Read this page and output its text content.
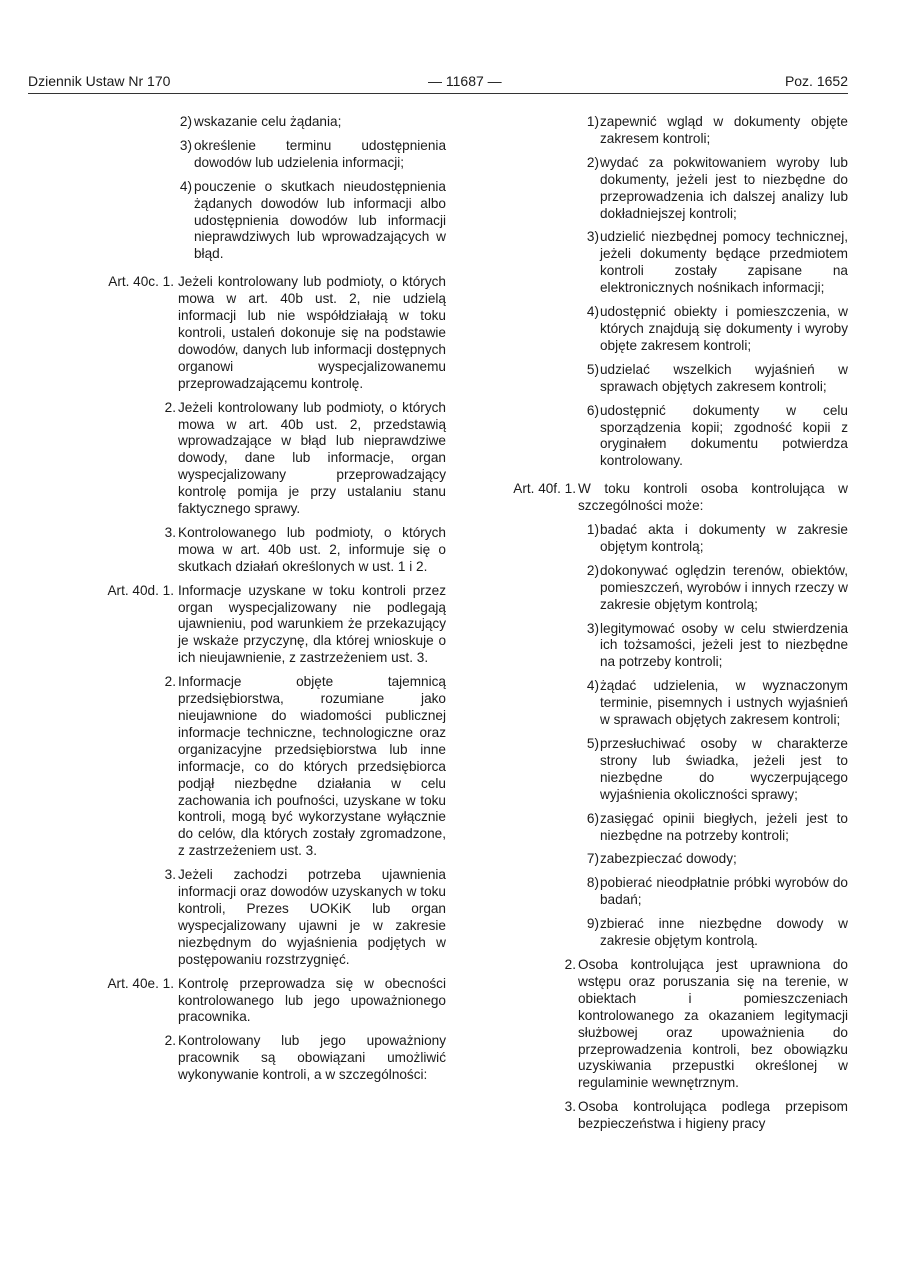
Dziennik Ustaw Nr 170	— 11687 —	Poz. 1652
2) wskazanie celu żądania;
3) określenie terminu udostępnienia dowodów lub udzielenia informacji;
4) pouczenie o skutkach nieudostępnienia żądanych dowodów lub informacji albo udostępnienia dowodów lub informacji nieprawdziwych lub wprowadzających w błąd.
Art. 40c. 1. Jeżeli kontrolowany lub podmioty, o których mowa w art. 40b ust. 2, nie udzielą informacji lub nie współdziałają w toku kontroli, ustaleń dokonuje się na podstawie dowodów, danych lub informacji dostępnych organowi wyspecjalizowanemu przeprowadzającemu kontrolę.
2. Jeżeli kontrolowany lub podmioty, o których mowa w art. 40b ust. 2, przedstawią wprowadzające w błąd lub nieprawdziwe dowody, dane lub informacje, organ wyspecjalizowany przeprowadzający kontrolę pomija je przy ustalaniu stanu faktycznego sprawy.
3. Kontrolowanego lub podmioty, o których mowa w art. 40b ust. 2, informuje się o skutkach działań określonych w ust. 1 i 2.
Art. 40d. 1. Informacje uzyskane w toku kontroli przez organ wyspecjalizowany nie podlegają ujawnieniu, pod warunkiem że przekazujący je wskaże przyczynę, dla której wnioskuje o ich nieujawnienie, z zastrzeżeniem ust. 3.
2. Informacje objęte tajemnicą przedsiębiorstwa, rozumiane jako nieujawnione do wiadomości publicznej informacje techniczne, technologiczne oraz organizacyjne przedsiębiorstwa lub inne informacje, co do których przedsiębiorca podjął niezbędne działania w celu zachowania ich poufności, uzyskane w toku kontroli, mogą być wykorzystane wyłącznie do celów, dla których zostały zgromadzone, z zastrzeżeniem ust. 3.
3. Jeżeli zachodzi potrzeba ujawnienia informacji oraz dowodów uzyskanych w toku kontroli, Prezes UOKiK lub organ wyspecjalizowany ujawni je w zakresie niezbędnym do wyjaśnienia podjętych w postępowaniu rozstrzygnięć.
Art. 40e. 1. Kontrolę przeprowadza się w obecności kontrolowanego lub jego upoważnionego pracownika.
2. Kontrolowany lub jego upoważniony pracownik są obowiązani umożliwić wykonywanie kontroli, a w szczególności:
1) zapewnić wgląd w dokumenty objęte zakresem kontroli;
2) wydać za pokwitowaniem wyroby lub dokumenty, jeżeli jest to niezbędne do przeprowadzenia ich dalszej analizy lub dokładniejszej kontroli;
3) udzielić niezbędnej pomocy technicznej, jeżeli dokumenty będące przedmiotem kontroli zostały zapisane na elektronicznych nośnikach informacji;
4) udostępnić obiekty i pomieszczenia, w których znajdują się dokumenty i wyroby objęte zakresem kontroli;
5) udzielać wszelkich wyjaśnień w sprawach objętych zakresem kontroli;
6) udostępnić dokumenty w celu sporządzenia kopii; zgodność kopii z oryginałem dokumentu potwierdza kontrolowany.
Art. 40f. 1. W toku kontroli osoba kontrolująca w szczególności może:
1) badać akta i dokumenty w zakresie objętym kontrolą;
2) dokonywać oględzin terenów, obiektów, pomieszczeń, wyrobów i innych rzeczy w zakresie objętym kontrolą;
3) legitymować osoby w celu stwierdzenia ich tożsamości, jeżeli jest to niezbędne na potrzeby kontroli;
4) żądać udzielenia, w wyznaczonym terminie, pisemnych i ustnych wyjaśnień w sprawach objętych zakresem kontroli;
5) przesłuchiwać osoby w charakterze strony lub świadka, jeżeli jest to niezbędne do wyczerpującego wyjaśnienia okoliczności sprawy;
6) zasięgać opinii biegłych, jeżeli jest to niezbędne na potrzeby kontroli;
7) zabezpieczać dowody;
8) pobierać nieodpłatnie próbki wyrobów do badań;
9) zbierać inne niezbędne dowody w zakresie objętym kontrolą.
2. Osoba kontrolująca jest uprawniona do wstępu oraz poruszania się na terenie, w obiektach i pomieszczeniach kontrolowanego za okazaniem legitymacji służbowej oraz upoważnienia do przeprowadzenia kontroli, bez obowiązku uzyskiwania przepustki określonej w regulaminie wewnętrznym.
3. Osoba kontrolująca podlega przepisom bezpieczeństwa i higieny pracy
